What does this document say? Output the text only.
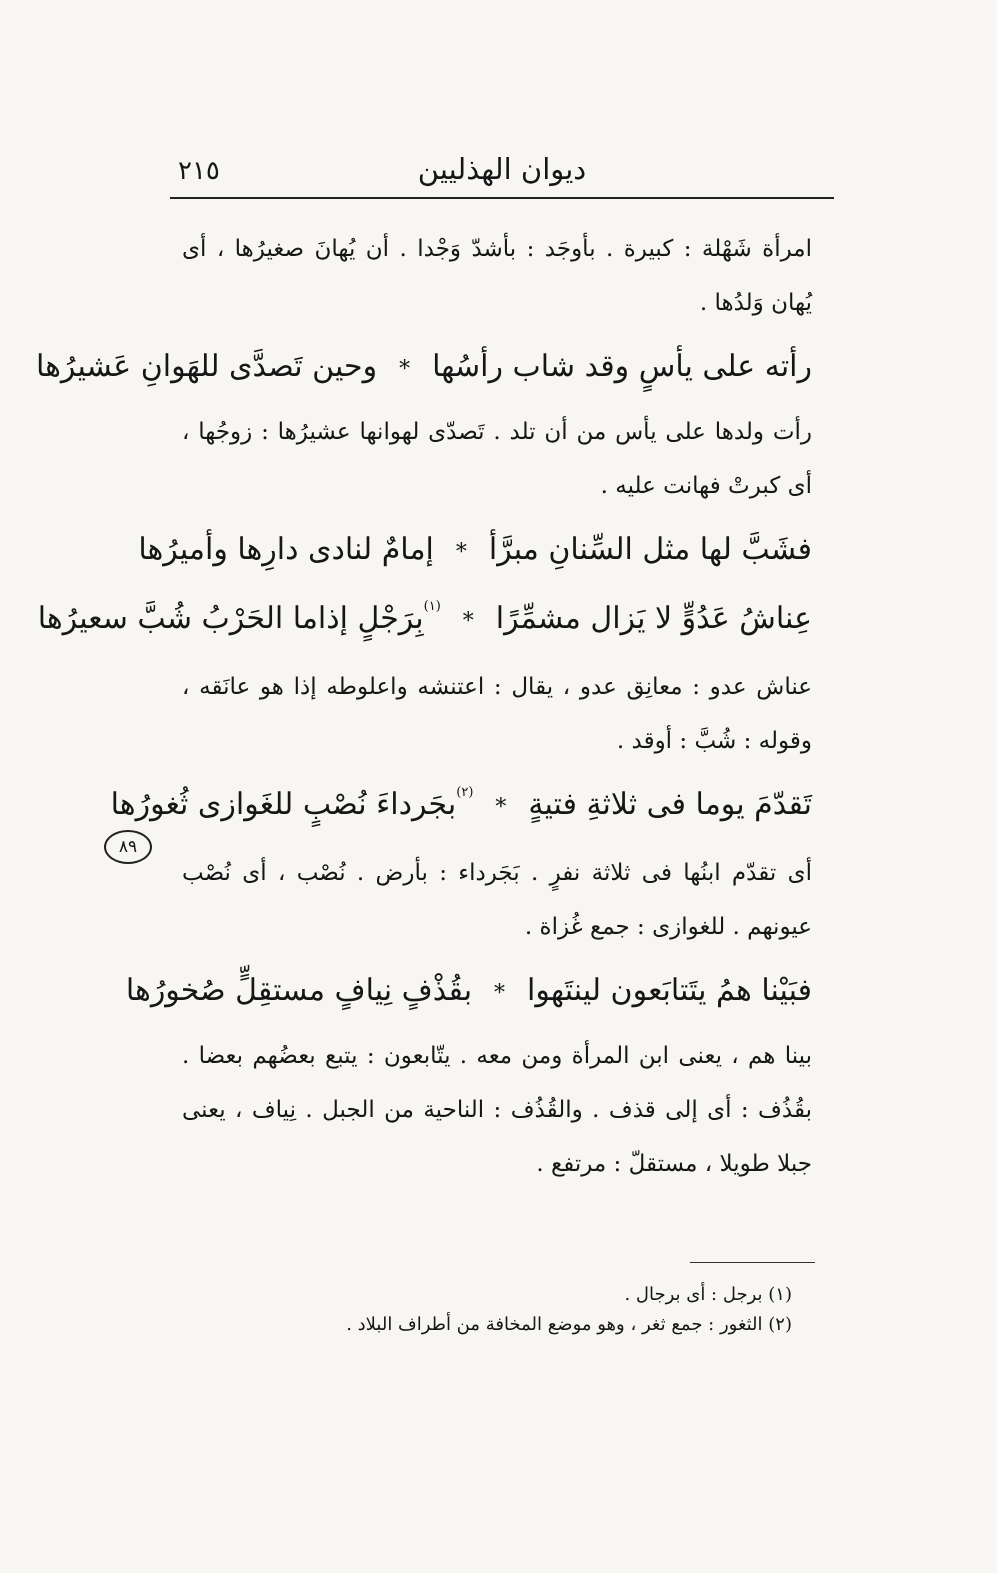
٢١٥	ديوان الهذليين

امرأة شَهْلة : كبيرة . بأوجَد : بأشدّ وَجْدا . أن يُهانَ صغيرُها ، أى يُهان وَلدُها .

رأته على يأسٍ وقد شاب رأسُها*وحين تَصدَّى للهَوانِ عَشيرُها

رأت ولدها على يأس من أن تلد . تَصدّى لهوانها عشيرُها : زوجُها ، أى كبرتْ فهانت عليه .

فشَبَّ لها مثل السِّنانِ مبرَّأ*إمامٌ لنادى دارِها وأميرُها
عِناشُ عَدُوٍّ لا يَزال مشمِّرًا*$^{(١)}$بِرَجْلٍ إذاما الحَرْبُ شُبَّ سعيرُها

عناش عدو : معانِق عدو ، يقال : اعتنشه واعلوطه إذا هو عانَقه ، وقوله : شُبَّ : أوقد .

تَقدّمَ يوما فى ثلاثةِ فتيةٍ*$^{(٢)}$بجَرداءَ نُصْبٍ للغَوازى ثُغورُها

أى تقدّم ابنُها فى ثلاثة نفرٍ . بَجَرداء : بأرض . نُصْب ، أى نُصْب عيونهم . للغوازى : جمع غُزاة .

فبَيْنا همُ يتَتابَعون لينتَهوا*بقُذْفٍ نِيافٍ مستقِلٍّ صُخورُها

بينا هم ، يعنى ابن المرأة ومن معه . يتّابعون : يتبع بعضُهم بعضا . بقُذُف : أى إلى قذف . والقُذُف : الناحية من الجبل . نِياف ، يعنى جبلا طويلا ، مستقلّ : مرتفع .

٨٩

(١) برجل : أى برجال .

(٢) الثغور : جمع ثغر ، وهو موضع المخافة من أطراف البلاد .
